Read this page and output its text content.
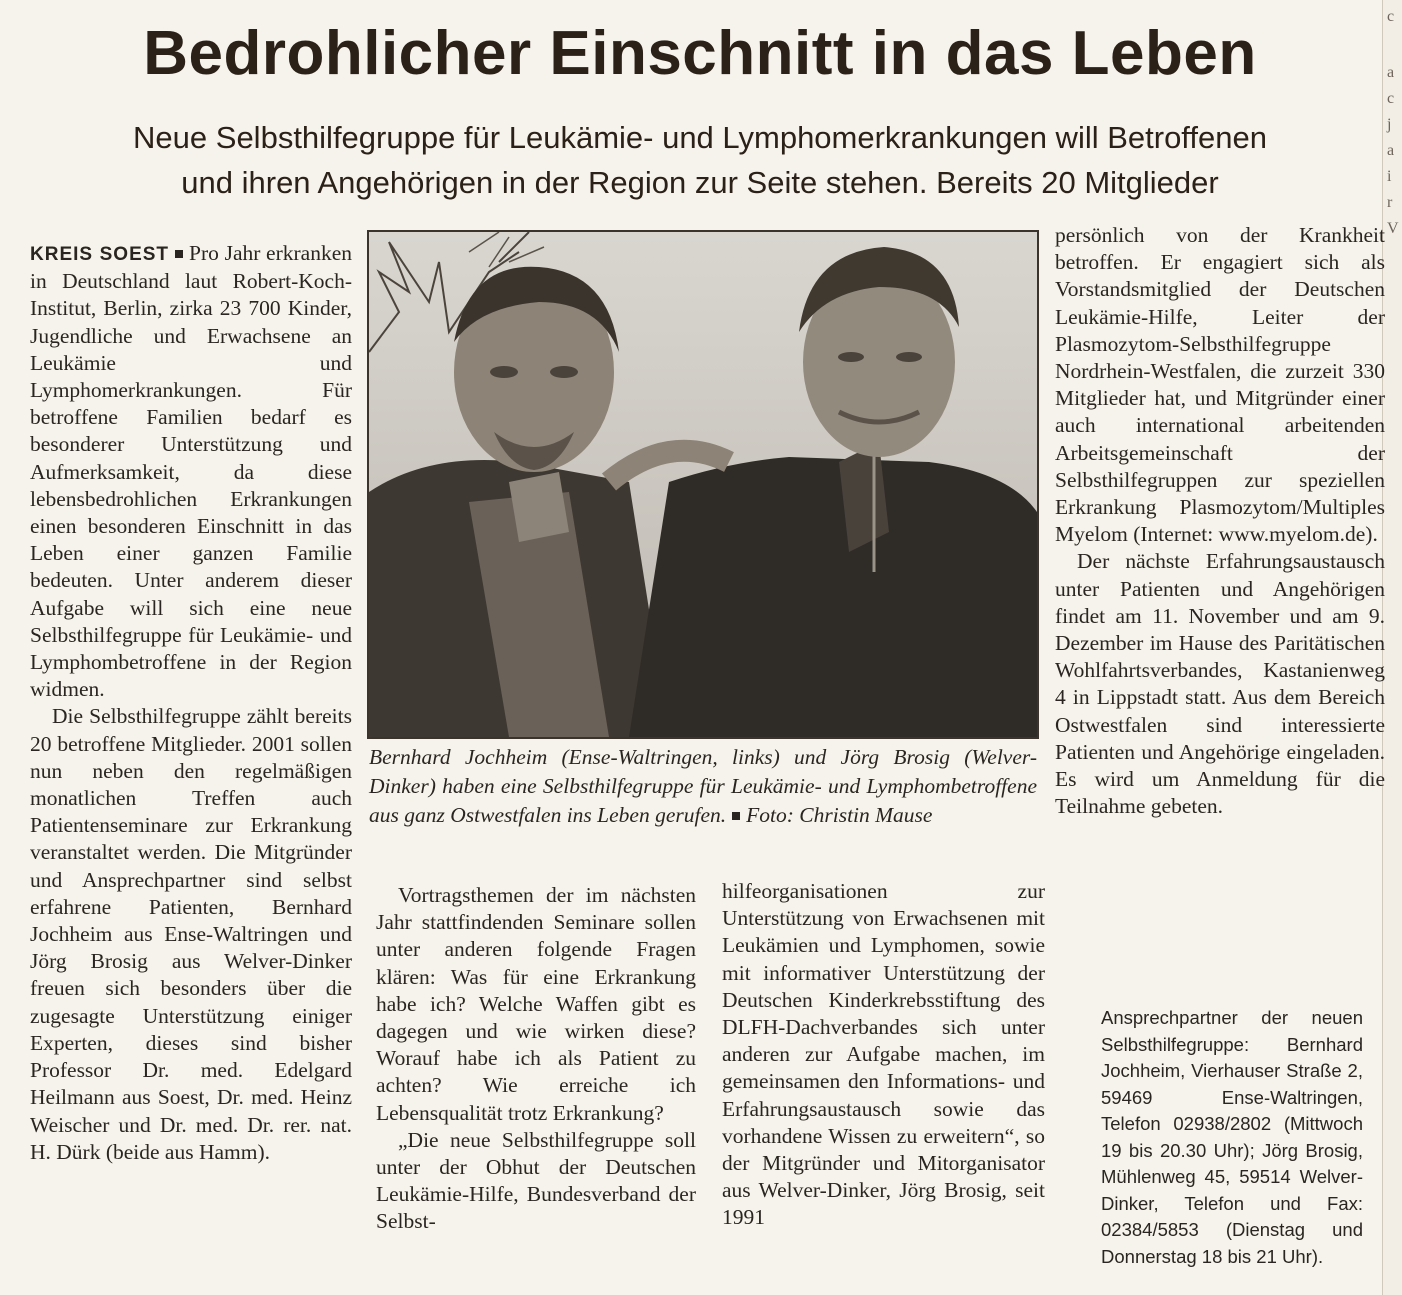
c
a
c
j
a
i
r
V
Bedrohlicher Einschnitt in das Leben
Neue Selbsthilfegruppe für Leukämie- und Lymphomerkrankungen will Betroffenen
und ihren Angehörigen in der Region zur Seite stehen. Bereits 20 Mitglieder

KREIS SOEST Pro Jahr erkranken in Deutschland laut Robert-Koch-Institut, Berlin, zirka 23 700 Kinder, Jugendliche und Erwachsene an Leukämie und Lymphomerkrankungen. Für betroffene Familien bedarf es besonderer Unterstützung und Aufmerksamkeit, da diese lebensbedrohlichen Erkrankungen einen besonderen Einschnitt in das Leben einer ganzen Familie bedeuten. Unter anderem dieser Aufgabe will sich eine neue Selbsthilfegruppe für Leukämie- und Lymphombetroffene in der Region widmen.

Die Selbsthilfegruppe zählt bereits 20 betroffene Mitglieder. 2001 sollen nun neben den regelmäßigen monatlichen Treffen auch Patientenseminare zur Erkrankung veranstaltet werden. Die Mitgründer und Ansprechpartner sind selbst erfahrene Patienten, Bernhard Jochheim aus Ense-Waltringen und Jörg Brosig aus Welver-Dinker freuen sich besonders über die zugesagte Unterstützung einiger Experten, dieses sind bisher Professor Dr. med. Edelgard Heilmann aus Soest, Dr. med. Heinz Weischer und Dr. med. Dr. rer. nat. H. Dürk (beide aus Hamm).

Bernhard Jochheim (Ense-Waltringen, links) und Jörg Brosig (Welver-Dinker) haben eine Selbsthilfegruppe für Leukämie- und Lymphombetroffene aus ganz Ostwestfalen ins Leben gerufen. Foto: Christin Mause

Vortragsthemen der im nächsten Jahr stattfindenden Seminare sollen unter anderen folgende Fragen klären: Was für eine Erkrankung habe ich? Welche Waffen gibt es dagegen und wie wirken diese? Worauf habe ich als Patient zu achten? Wie erreiche ich Lebensqualität trotz Erkrankung?

„Die neue Selbsthilfegruppe soll unter der Obhut der Deutschen Leukämie-Hilfe, Bundesverband der Selbst-

hilfeorganisationen zur Unterstützung von Erwachsenen mit Leukämien und Lymphomen, sowie mit informativer Unterstützung der Deutschen Kinderkrebsstiftung des DLFH-Dachverbandes sich unter anderen zur Aufgabe machen, im gemeinsamen den Informations- und Erfahrungsaustausch sowie das vorhandene Wissen zu erweitern“, so der Mitgründer und Mitorganisator aus Welver-Dinker, Jörg Brosig, seit 1991

persönlich von der Krankheit betroffen. Er engagiert sich als Vorstandsmitglied der Deutschen Leukämie-Hilfe, Leiter der Plasmozytom-Selbsthilfegruppe Nordrhein-Westfalen, die zurzeit 330 Mitglieder hat, und Mitgründer einer auch international arbeitenden Arbeitsgemeinschaft der Selbsthilfegruppen zur speziellen Erkrankung Plasmozytom/Multiples Myelom (Internet: www.myelom.de).

Der nächste Erfahrungsaustausch unter Patienten und Angehörigen findet am 11. November und am 9. Dezember im Hause des Paritätischen Wohlfahrtsverbandes, Kastanienweg 4 in Lippstadt statt. Aus dem Bereich Ostwestfalen sind interessierte Patienten und Angehörige eingeladen. Es wird um Anmeldung für die Teilnahme gebeten.

Ansprechpartner der neuen Selbsthilfegruppe: Bernhard Jochheim, Vierhauser Straße 2, 59469 Ense-Waltringen, Telefon 02938/2802 (Mittwoch 19 bis 20.30 Uhr); Jörg Brosig, Mühlenweg 45, 59514 Welver-Dinker, Telefon und Fax: 02384/5853 (Dienstag und Donnerstag 18 bis 21 Uhr).
